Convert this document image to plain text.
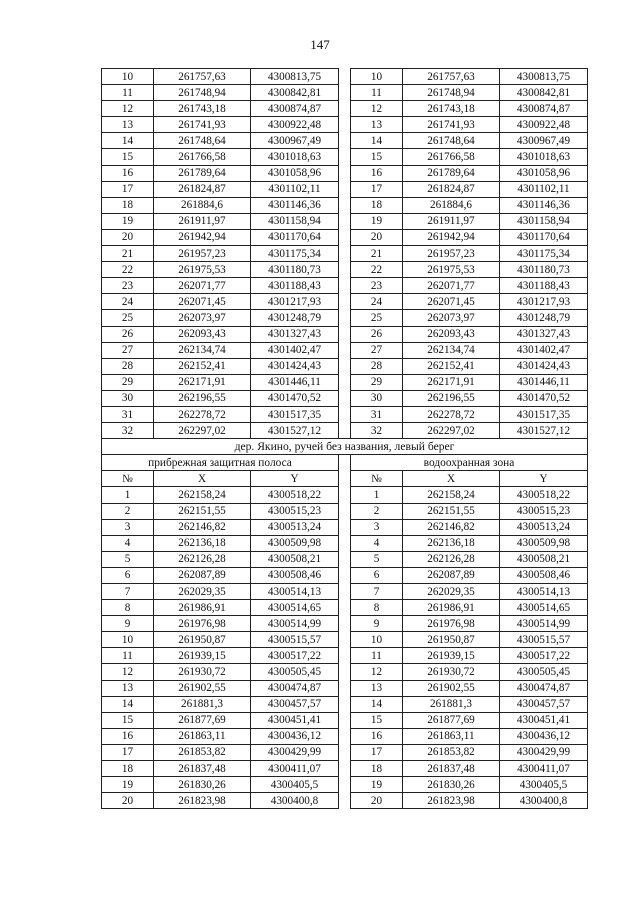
147
10	261757,63	4300813,75		10	261757,63	4300813,75
11	261748,94	4300842,81		11	261748,94	4300842,81
12	261743,18	4300874,87		12	261743,18	4300874,87
13	261741,93	4300922,48		13	261741,93	4300922,48
14	261748,64	4300967,49		14	261748,64	4300967,49
15	261766,58	4301018,63		15	261766,58	4301018,63
16	261789,64	4301058,96		16	261789,64	4301058,96
17	261824,87	4301102,11		17	261824,87	4301102,11
18	261884,6	4301146,36		18	261884,6	4301146,36
19	261911,97	4301158,94		19	261911,97	4301158,94
20	261942,94	4301170,64		20	261942,94	4301170,64
21	261957,23	4301175,34		21	261957,23	4301175,34
22	261975,53	4301180,73		22	261975,53	4301180,73
23	262071,77	4301188,43		23	262071,77	4301188,43
24	262071,45	4301217,93		24	262071,45	4301217,93
25	262073,97	4301248,79		25	262073,97	4301248,79
26	262093,43	4301327,43		26	262093,43	4301327,43
27	262134,74	4301402,47		27	262134,74	4301402,47
28	262152,41	4301424,43		28	262152,41	4301424,43
29	262171,91	4301446,11		29	262171,91	4301446,11
30	262196,55	4301470,52		30	262196,55	4301470,52
31	262278,72	4301517,35		31	262278,72	4301517,35
32	262297,02	4301527,12		32	262297,02	4301527,12
дер. Якино, ручей без названия, левый берег						
прибрежная защитная полоса				водоохранная зона		
№	X	Y		№	X	Y
1	262158,24	4300518,22		1	262158,24	4300518,22
2	262151,55	4300515,23		2	262151,55	4300515,23
3	262146,82	4300513,24		3	262146,82	4300513,24
4	262136,18	4300509,98		4	262136,18	4300509,98
5	262126,28	4300508,21		5	262126,28	4300508,21
6	262087,89	4300508,46		6	262087,89	4300508,46
7	262029,35	4300514,13		7	262029,35	4300514,13
8	261986,91	4300514,65		8	261986,91	4300514,65
9	261976,98	4300514,99		9	261976,98	4300514,99
10	261950,87	4300515,57		10	261950,87	4300515,57
11	261939,15	4300517,22		11	261939,15	4300517,22
12	261930,72	4300505,45		12	261930,72	4300505,45
13	261902,55	4300474,87		13	261902,55	4300474,87
14	261881,3	4300457,57		14	261881,3	4300457,57
15	261877,69	4300451,41		15	261877,69	4300451,41
16	261863,11	4300436,12		16	261863,11	4300436,12
17	261853,82	4300429,99		17	261853,82	4300429,99
18	261837,48	4300411,07		18	261837,48	4300411,07
19	261830,26	4300405,5		19	261830,26	4300405,5
20	261823,98	4300400,8		20	261823,98	4300400,8
